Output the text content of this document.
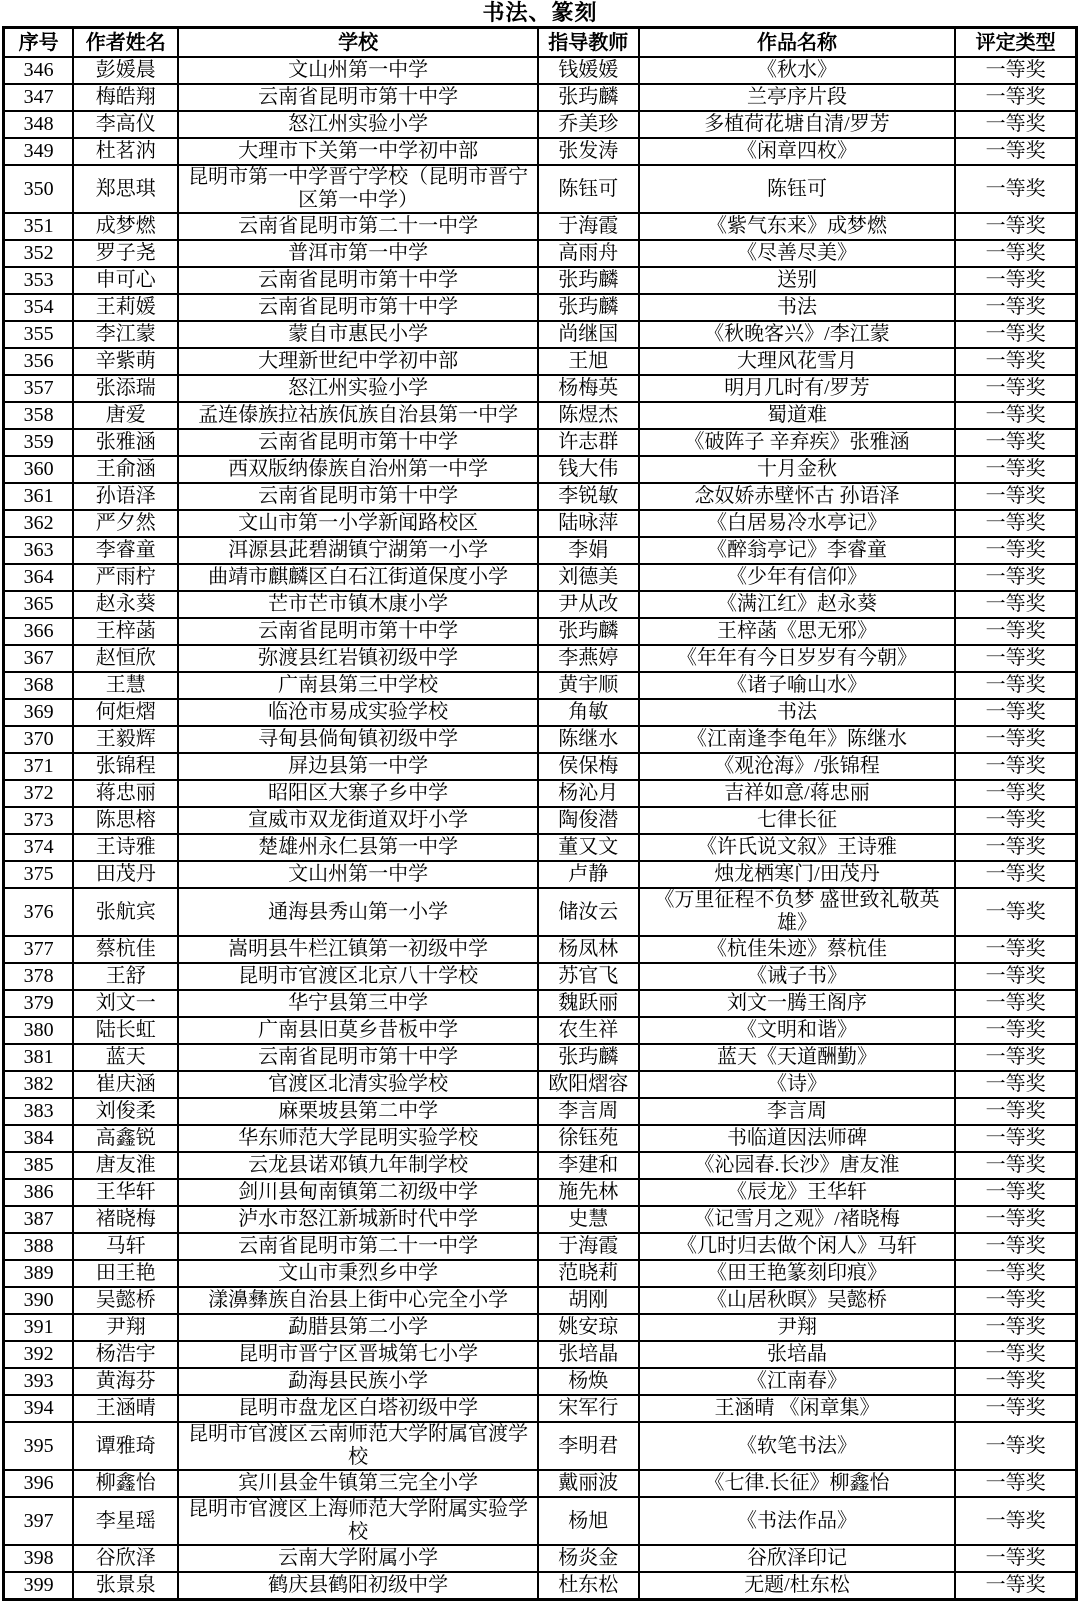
书法、篆刻
序号	作者姓名	学校	指导教师	作品名称	评定类型
346	彭媛晨	文山州第一中学	钱媛媛	《秋水》	一等奖
347	梅皓翔	云南省昆明市第十中学	张玙麟	兰亭序片段	一等奖
348	李高仪	怒江州实验小学	乔美珍	多植荷花塘自清/罗芳	一等奖
349	杜茗汭	大理市下关第一中学初中部	张发涛	《闲章四枚》	一等奖
350	郑思琪	昆明市第一中学晋宁学校（昆明市晋宁区第一中学）	陈钰可	陈钰可	一等奖
351	成梦燃	云南省昆明市第二十一中学	于海霞	《紫气东来》成梦燃	一等奖
352	罗子尧	普洱市第一中学	高雨舟	《尽善尽美》	一等奖
353	申可心	云南省昆明市第十中学	张玙麟	送别	一等奖
354	王莉媛	云南省昆明市第十中学	张玙麟	书法	一等奖
355	李江蒙	蒙自市惠民小学	尚继国	《秋晚客兴》/李江蒙	一等奖
356	辛紫萌	大理新世纪中学初中部	王旭	大理风花雪月	一等奖
357	张添瑞	怒江州实验小学	杨梅英	明月几时有/罗芳	一等奖
358	唐爱	孟连傣族拉祜族佤族自治县第一中学	陈煜杰	蜀道难	一等奖
359	张雅涵	云南省昆明市第十中学	许志群	《破阵子 辛弃疾》张雅涵	一等奖
360	王俞涵	西双版纳傣族自治州第一中学	钱大伟	十月金秋	一等奖
361	孙语泽	云南省昆明市第十中学	李锐敏	念奴娇赤壁怀古 孙语泽	一等奖
362	严夕然	文山市第一小学新闻路校区	陆咏萍	《白居易冷水亭记》	一等奖
363	李睿童	洱源县茈碧湖镇宁湖第一小学	李娟	《醉翁亭记》李睿童	一等奖
364	严雨柠	曲靖市麒麟区白石江街道保度小学	刘德美	《少年有信仰》	一等奖
365	赵永葵	芒市芒市镇木康小学	尹从改	《满江红》赵永葵	一等奖
366	王梓菡	云南省昆明市第十中学	张玙麟	王梓菡《思无邪》	一等奖
367	赵恒欣	弥渡县红岩镇初级中学	李燕婷	《年年有今日岁岁有今朝》	一等奖
368	王慧	广南县第三中学校	黄宇顺	《诸子喻山水》	一等奖
369	何炬熠	临沧市易成实验学校	角敏	书法	一等奖
370	王毅辉	寻甸县倘甸镇初级中学	陈继水	《江南逢李龟年》陈继水	一等奖
371	张锦程	屏边县第一中学	侯保梅	《观沧海》/张锦程	一等奖
372	蒋忠丽	昭阳区大寨子乡中学	杨沁月	吉祥如意/蒋忠丽	一等奖
373	陈思榕	宣威市双龙街道双圩小学	陶俊潜	七律长征	一等奖
374	王诗雅	楚雄州永仁县第一中学	董又文	《许氏说文叙》王诗雅	一等奖
375	田茂丹	文山州第一中学	卢静	烛龙栖寒门/田茂丹	一等奖
376	张航宾	通海县秀山第一小学	储汝云	《万里征程不负梦 盛世致礼敬英雄》	一等奖
377	蔡杭佳	嵩明县牛栏江镇第一初级中学	杨凤林	《杭佳朱迹》蔡杭佳	一等奖
378	王舒	昆明市官渡区北京八十学校	苏官飞	《诫子书》	一等奖
379	刘文一	华宁县第三中学	魏跃丽	刘文一腾王阁序	一等奖
380	陆长虹	广南县旧莫乡昔板中学	农生祥	《文明和谐》	一等奖
381	蓝天	云南省昆明市第十中学	张玙麟	蓝天《天道酬勤》	一等奖
382	崔庆涵	官渡区北清实验学校	欧阳熠容	《诗》	一等奖
383	刘俊柔	麻栗坡县第二中学	李言周	李言周	一等奖
384	高鑫锐	华东师范大学昆明实验学校	徐钰苑	书临道因法师碑	一等奖
385	唐友淮	云龙县诺邓镇九年制学校	李建和	《沁园春.长沙》唐友淮	一等奖
386	王华轩	剑川县甸南镇第二初级中学	施先林	《辰龙》王华轩	一等奖
387	褚晓梅	泸水市怒江新城新时代中学	史慧	《记雪月之观》/褚晓梅	一等奖
388	马轩	云南省昆明市第二十一中学	于海霞	《几时归去做个闲人》马轩	一等奖
389	田王艳	文山市秉烈乡中学	范晓莉	《田王艳篆刻印痕》	一等奖
390	吴懿桥	漾濞彝族自治县上街中心完全小学	胡刚	《山居秋暝》吴懿桥	一等奖
391	尹翔	勐腊县第二小学	姚安琼	尹翔	一等奖
392	杨浩宇	昆明市晋宁区晋城第七小学	张培晶	张培晶	一等奖
393	黄海芬	勐海县民族小学	杨焕	《江南春》	一等奖
394	王涵晴	昆明市盘龙区白塔初级中学	宋军行	王涵晴 《闲章集》	一等奖
395	谭雅琦	昆明市官渡区云南师范大学附属官渡学校	李明君	《软笔书法》	一等奖
396	柳鑫怡	宾川县金牛镇第三完全小学	戴丽波	《七律.长征》柳鑫怡	一等奖
397	李星瑶	昆明市官渡区上海师范大学附属实验学校	杨旭	《书法作品》	一等奖
398	谷欣泽	云南大学附属小学	杨炎金	谷欣泽印记	一等奖
399	张景泉	鹤庆县鹤阳初级中学	杜东松	无题/杜东松	一等奖
